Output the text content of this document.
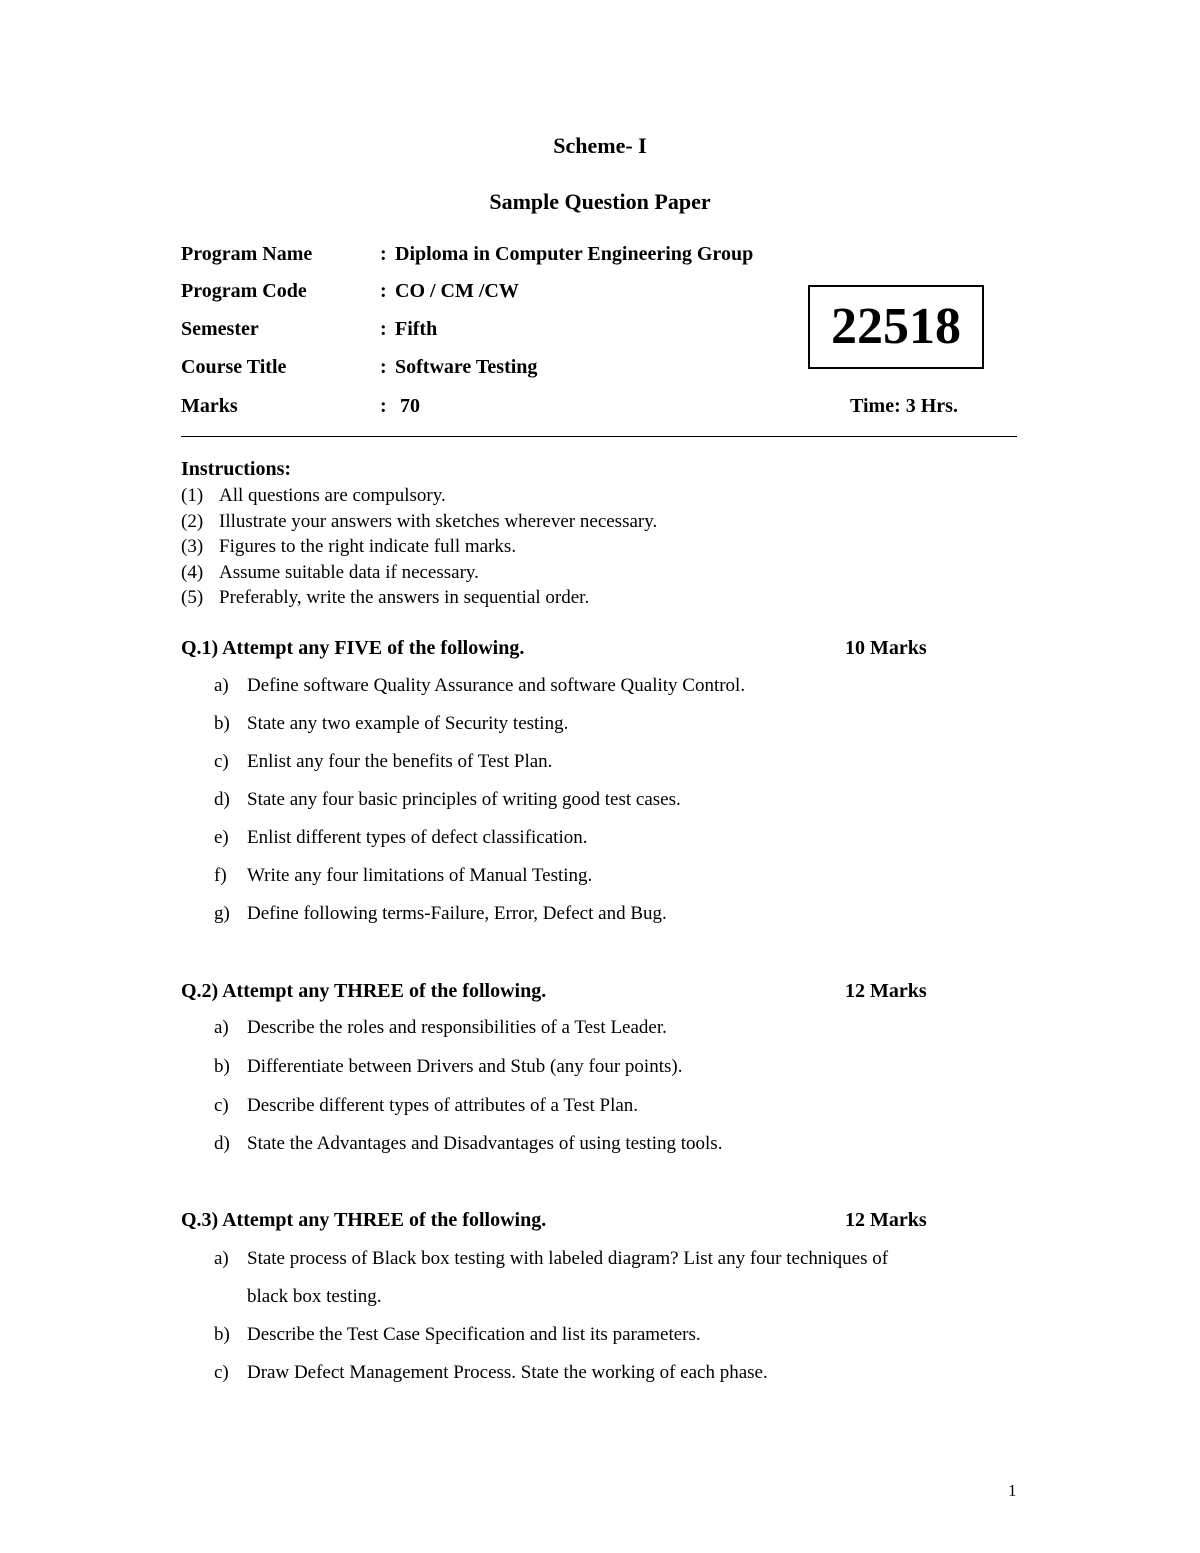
Scheme- I
Sample Question Paper
Program Name	: Diploma in Computer Engineering Group
Program Code	: CO / CM /CW
Semester	: Fifth
Course Title	: Software Testing
Marks	: 70
22518
Time: 3 Hrs.
Instructions:
(1) All questions are compulsory.
(2) Illustrate your answers with sketches wherever necessary.
(3) Figures to the right indicate full marks.
(4) Assume suitable data if necessary.
(5) Preferably, write the answers in sequential order.
Q.1) Attempt any FIVE of the following.	10 Marks
a) Define software Quality Assurance and software Quality Control.
b) State any two example of Security testing.
c) Enlist any four the benefits of Test Plan.
d) State any four basic principles of writing good test cases.
e) Enlist different types of defect classification.
f) Write any four limitations of Manual Testing.
g) Define following terms-Failure, Error, Defect and Bug.
Q.2) Attempt any THREE of the following.	12 Marks
a) Describe the roles and responsibilities of a Test Leader.
b) Differentiate between Drivers and Stub (any four points).
c) Describe different types of attributes of a Test Plan.
d) State the Advantages and Disadvantages of using testing tools.
Q.3) Attempt any THREE of the following.	12 Marks
a) State process of Black box testing with labeled diagram? List any four techniques of
black box testing.
b) Describe the Test Case Specification and list its parameters.
c) Draw Defect Management Process. State the working of each phase.
1
